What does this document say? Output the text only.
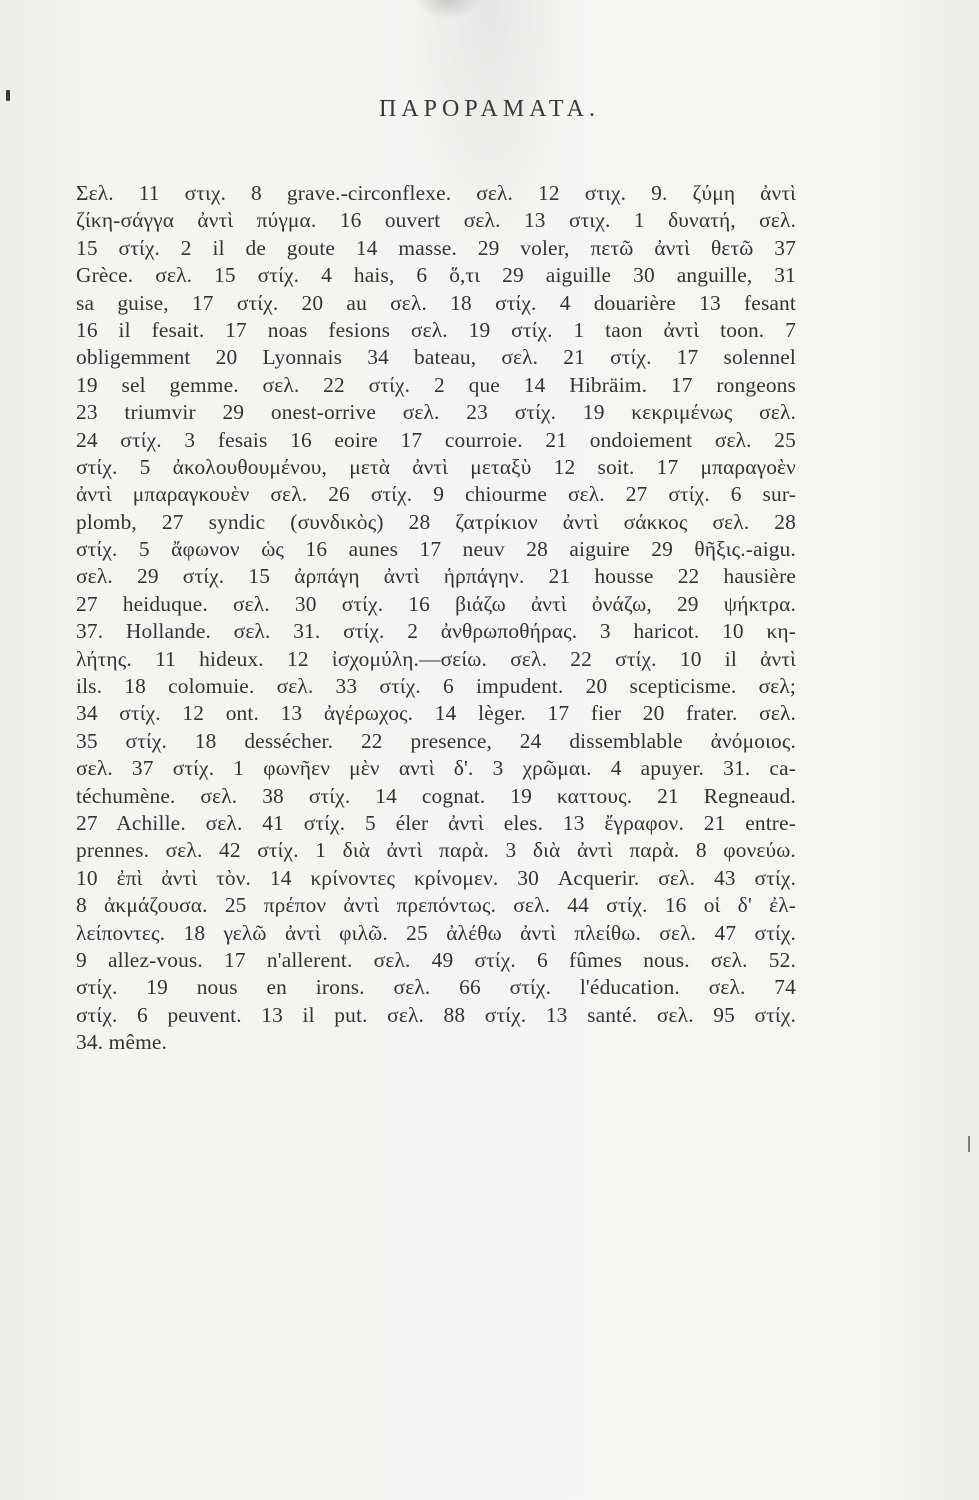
ΠΑΡΟΡΑΜΑΤΑ.
Σελ. 11 στιχ. 8 grave.-circonflexe. σελ. 12 στιχ. 9. ζύμη ἀντὶ
ζίκη-σάγγα ἀντὶ πύγμα. 16 ouvert σελ. 13 στιχ. 1 δυνατή, σελ.
15 στίχ. 2 il de goute 14 masse. 29 voler, πετῶ ἀντὶ θετῶ 37
Grèce. σελ. 15 στίχ. 4 hais, 6 ὅ,τι 29 aiguille 30 anguille, 31
sa guise, 17 στίχ. 20 au σελ. 18 στίχ. 4 douarière 13 fesant
16 il fesait. 17 noas fesions σελ. 19 στίχ. 1 taon ἀντὶ toon. 7
obligemment 20 Lyonnais 34 bateau, σελ. 21 στίχ. 17 solennel
19 sel gemme. σελ. 22 στίχ. 2 que 14 Hibräim. 17 rongeons
23 triumvir 29 onest-orrive σελ. 23 στίχ. 19 κεκριμένως σελ.
24 στίχ. 3 fesais 16 eoire 17 courroie. 21 ondoiement σελ. 25
στίχ. 5 ἀκολουθουμένου, μετὰ ἀντὶ μεταξὺ 12 soit. 17 μπαραγοὲν
ἀντὶ μπαραγκουὲν σελ. 26 στίχ. 9 chiourme σελ. 27 στίχ. 6 sur-
plomb, 27 syndic (συνδικὸς) 28 ζατρίκιον ἀντὶ σάκκος σελ. 28
στίχ. 5 ἄφωνον ὡς 16 aunes 17 neuv 28 aiguire 29 θῆξις.-aigu.
σελ. 29 στίχ. 15 ἀρπάγη ἀντὶ ἡρπάγην. 21 housse 22 hausière
27 heiduque. σελ. 30 στίχ. 16 βιάζω ἀντὶ ὀνάζω, 29 ψήκτρα.
37. Hollande. σελ. 31. στίχ. 2 ἀνθρωποθήρας. 3 haricot. 10 κη-
λήτης. 11 hideux. 12 ἰσχομύλη.—σείω. σελ. 22 στίχ. 10 il ἀντὶ
ils. 18 colomuie. σελ. 33 στίχ. 6 impudent. 20 scepticisme. σελ;
34 στίχ. 12 ont. 13 ἀγέρωχος. 14 lèger. 17 fier 20 frater. σελ.
35 στίχ. 18 dessécher. 22 presence, 24 dissemblable ἀνόμοιος.
σελ. 37 στίχ. 1 φωνῆεν μὲν αντὶ δ'. 3 χρῶμαι. 4 apuyer. 31. ca-
téchumène. σελ. 38 στίχ. 14 cognat. 19 καττους. 21 Regneaud.
27 Achille. σελ. 41 στίχ. 5 éler ἀντὶ eles. 13 ἔγραφον. 21 entre-
prennes. σελ. 42 στίχ. 1 διὰ ἀντὶ παρὰ. 3 διὰ ἀντὶ παρὰ. 8 φονεύω.
10 ἐπὶ ἀντὶ τὸν. 14 κρίνοντες κρίνομεν. 30 Acquerir. σελ. 43 στίχ.
8 ἀκμάζουσα. 25 πρέπον ἀντὶ πρεπόντως. σελ. 44 στίχ. 16 οἱ δ' ἐλ-
λείποντες. 18 γελῶ ἀντὶ φιλῶ. 25 ἀλέθω ἀντὶ πλείθω. σελ. 47 στίχ.
9 allez-vous. 17 n'allerent. σελ. 49 στίχ. 6 fûmes nous. σελ. 52.
στίχ. 19 nous en irons. σελ. 66 στίχ. l'éducation. σελ. 74
στίχ. 6 peuvent. 13 il put. σελ. 88 στίχ. 13 santé. σελ. 95 στίχ.
34. même.
